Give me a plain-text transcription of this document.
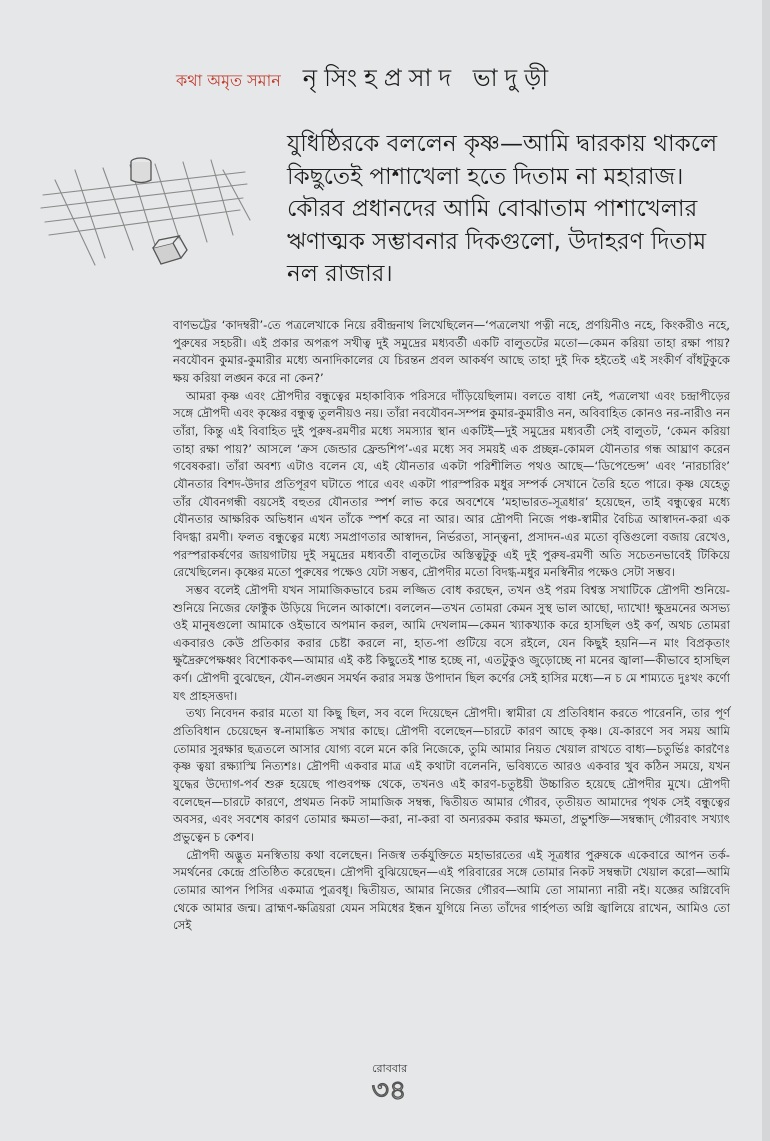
কথা অমৃত সমান নৃসিংহপ্রসাদ ভাদুড়ী
যুধিষ্ঠিরকে বললেন কৃষ্ণ—আমি দ্বারকায় থাকলে কিছুতেই পাশাখেলা হতে দিতাম না মহারাজ। কৌরব প্রধানদের আমি বোঝাতাম পাশাখেলার ঋণাত্মক সম্ভাবনার দিকগুলো, উদাহরণ দিতাম নল রাজার।

বাণভট্টের ‘কাদম্বরী’-তে পত্রলেখাকে নিয়ে রবীন্দ্রনাথ লিখেছিলেন—‘পত্রলেখা পত্নী নহে, প্রণয়িনীও নহে, কিংকরীও নহে, পুরুষের সহচরী। এই প্রকার অপরূপ সখীত্ব দুই সমুদ্রের মধ্যবর্তী একটি বালুতটের মতো—কেমন করিয়া তাহা রক্ষা পায়? নবযৌবন কুমার-কুমারীর মধ্যে অনাদিকালের যে চিরন্তন প্রবল আকর্ষণ আছে তাহা দুই দিক হইতেই এই সংকীর্ণ বাঁধটুকুকে ক্ষয় করিয়া লঙ্ঘন করে না কেন?’

আমরা কৃষ্ণ এবং দ্রৌপদীর বন্ধুত্বের মহাকাব্যিক পরিসরে দাঁড়িয়েছিলাম। বলতে বাধা নেই, পত্রলেখা এবং চন্দ্রাপীড়ের সঙ্গে দ্রৌপদী এবং কৃষ্ণের বন্ধুত্ব তুলনীয়ও নয়। তাঁরা নবযৌবন-সম্পন্ন কুমার-কুমারীও নন, অবিবাহিত কোনও নর-নারীও নন তাঁরা, কিন্তু এই বিবাহিত দুই পুরুষ-রমণীর মধ্যে সমস্যার স্থান একটিই—দুই সমুদ্রের মধ্যবর্তী সেই বালুতট, ‘কেমন করিয়া তাহা রক্ষা পায়?’ আসলে ‘ক্রস জেন্ডার ফ্রেন্ডশিপ’-এর মধ্যে সব সময়ই এক প্রচ্ছন্ন-কোমল যৌনতার গন্ধ আঘ্রাণ করেন গবেষকরা। তাঁরা অবশ্য এটাও বলেন যে, এই যৌনতার একটা পরিশীলিত পথও আছে—‘ডিপেন্ডেন্স’ এবং ‘নারচারিং’ যৌনতার বিশদ-উদার প্রতিপূরণ ঘটাতে পারে এবং একটা পারস্পরিক মধুর সম্পর্ক সেখানে তৈরি হতে পারে। কৃষ্ণ যেহেতু তাঁর যৌবনগন্ধী বয়সেই বহুতর যৌনতার স্পর্শ লাভ করে অবশেষে ‘মহাভারত-সূত্রধার’ হয়েছেন, তাই বন্ধুত্বের মধ্যে যৌনতার আক্ষরিক অভিধান এখন তাঁকে স্পর্শ করে না আর। আর দ্রৌপদী নিজে পঞ্চ-স্বামীর বৈচিত্র আস্বাদন-করা এক বিদগ্ধা রমণী। ফলত বন্ধুত্বের মধ্যে সমপ্রাণতার আস্বাদন, নির্ভরতা, সান্ত্বনা, প্রসাদন-এর মতো বৃত্তিগুলো বজায় রেখেও, পরস্পরাকর্ষণের জায়গাটায় দুই সমুদ্রের মধ্যবর্তী বালুতটের অস্তিত্বটুকু এই দুই পুরুষ-রমণী অতি সচেতনভাবেই টিকিয়ে রেখেছিলেন। কৃষ্ণের মতো পুরুষের পক্ষেও যেটা সম্ভব, দ্রৌপদীর মতো বিদগ্ধ-মধুর মনস্বিনীর পক্ষেও সেটা সম্ভব।

সম্ভব বলেই দ্রৌপদী যখন সামাজিকভাবে চরম লজ্জিত বোধ করছেন, তখন ওই পরম বিশ্বস্ত সখাটিকে দ্রৌপদী শুনিয়ে-শুনিয়ে নিজের ফোক্টুক উড়িয়ে দিলেন আকাশে। বললেন—তখন তোমরা কেমন সুস্থ ভাল আছো, দ্যাখো! ক্ষুদ্রমনের অসভ্য ওই মানুষগুলো আমাকে ওইভাবে অপমান করল, আমি দেখলাম—কেমন খ্যাকখ্যাক করে হাসছিল ওই কর্ণ, অথচ তোমরা একবারও কেউ প্রতিকার করার চেষ্টা করলে না, হাত-পা গুটিয়ে বসে রইলে, যেন কিছুই হয়নি—ন মাং বিপ্রকৃতাং ক্ষুদ্রৈরুপেক্ষধ্বং বিশোককৎ—আমার এই কষ্ট কিছুতেই শান্ত হচ্ছে না, এতটুকুও জুড়োচ্ছে না মনের জ্বালা—কীভাবে হাসছিল কর্ণ। দ্রৌপদী বুঝেছেন, যৌন-লঙ্ঘন সমর্থন করার সমস্ত উপাদান ছিল কর্ণের সেই হাসির মধ্যে—ন চ মে শাম্যতে দুঃখং কর্ণো যৎ প্রাহসত্তদা।

তথ্য নিবেদন করার মতো যা কিছু ছিল, সব বলে দিয়েছেন দ্রৌপদী। স্বামীরা যে প্রতিবিধান করতে পারেননি, তার পূর্ণ প্রতিবিধান চেয়েছেন স্ব-নামাঙ্কিত সখার কাছে। দ্রৌপদী বলেছেন—চারটে কারণ আছে কৃষ্ণ। যে-কারণে সব সময় আমি তোমার সুরক্ষার ছত্রতলে আসার যোগ্য বলে মনে করি নিজেকে, তুমি আমার নিয়ত খেয়াল রাখতে বাধ্য—চতুর্ভিঃ কারণৈঃ কৃষ্ণ ত্বয়া রক্ষ্যাস্মি নিত্যশঃ। দ্রৌপদী একবার মাত্র এই কথাটা বলেননি, ভবিষ্যতে আরও একবার খুব কঠিন সময়ে, যখন যুদ্ধের উদ্যোগ-পর্ব শুরু হয়েছে পাণ্ডবপক্ষ থেকে, তখনও এই কারণ-চতুষ্টয়ী উচ্চারিত হয়েছে দ্রৌপদীর মুখে। দ্রৌপদী বলেছেন—চারটে কারণে, প্রথমত নিকট সামাজিক সম্বন্ধ, দ্বিতীয়ত আমার গৌরব, তৃতীয়ত আমাদের পৃথক সেই বন্ধুত্বের অবসর, এবং সবশেষ কারণ তোমার ক্ষমতা—করা, না-করা বা অন্যরকম করার ক্ষমতা, প্রভুশক্তি—সম্বন্ধাদ্ গৌরবাৎ সখ্যাৎ প্রভুত্বেন চ কেশব।

দ্রৌপদী অদ্ভুত মনস্বিতায় কথা বলেছেন। নিজস্ব তর্কযুক্তিতে মহাভারতের এই সূত্রধার পুরুষকে একেবারে আপন তর্ক-সমর্থনের কেন্দ্রে প্রতিষ্ঠিত করেছেন। দ্রৌপদী বুঝিয়েছেন—এই পরিবারের সঙ্গে তোমার নিকট সম্বন্ধটা খেয়াল করো—আমি তোমার আপন পিসির একমাত্র পুত্রবধূ। দ্বিতীয়ত, আমার নিজের গৌরব—আমি তো সামান্যা নারী নই। যজ্ঞের অগ্নিবেদি থেকে আমার জন্ম। ব্রাহ্মণ-ক্ষত্রিয়রা যেমন সমিধের ইন্ধন যুগিয়ে নিত্য তাঁদের গার্হপত্য অগ্নি জ্বালিয়ে রাখেন, আমিও তো সেই

রোববার
৩৪
